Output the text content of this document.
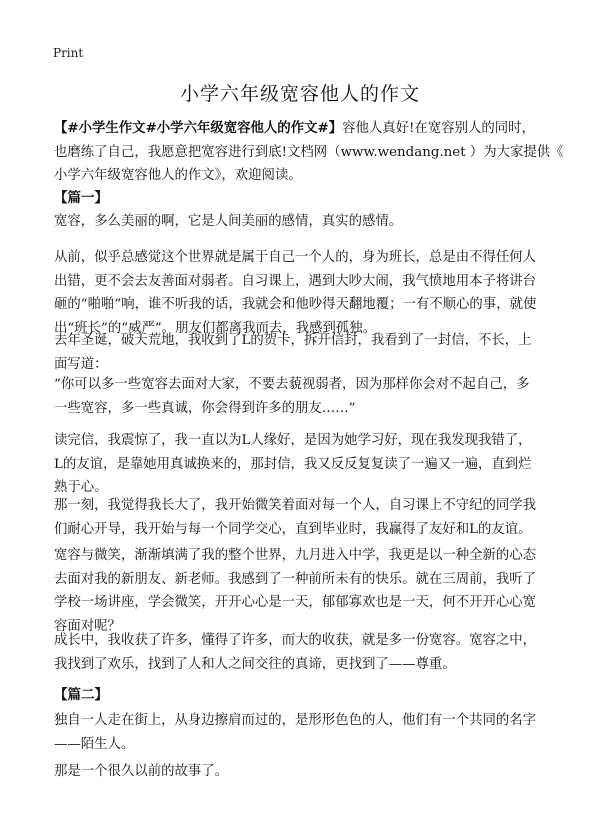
Print
小学六年级宽容他人的作文
【#小学生作文#小学六年级宽容他人的作文#】容他人真好!在宽容别人的同时，
也磨练了自己，我愿意把宽容进行到底!文档网（www.wendang.net ）为大家提供《
小学六年级宽容他人的作文》，欢迎阅读。
【篇一】
宽容，多么美丽的啊，它是人间美丽的感情，真实的感情。
从前，似乎总感觉这个世界就是属于自己一个人的，身为班长，总是由不得任何人
出错，更不会去友善面对弱者。自习课上，遇到大吵大闹，我气愤地用本子将讲台
砸的“啪啪”响，谁不听我的话，我就会和他吵得天翻地覆；一有不顺心的事，就使
出“班长”的“威严”。朋友们都离我而去，我感到孤独。
去年圣诞，破天荒地，我收到了L的贺卡，拆开信封，我看到了一封信，不长，上
面写道：
“你可以多一些宽容去面对大家，不要去藐视弱者，因为那样你会对不起自己，多
一些宽容，多一些真诚，你会得到许多的朋友……”
读完信，我震惊了，我一直以为L人缘好，是因为她学习好，现在我发现我错了，
L的友谊，是靠她用真诚换来的，那封信，我又反反复复读了一遍又一遍，直到烂
熟于心。
那一刻，我觉得我长大了，我开始微笑着面对每一个人，自习课上不守纪的同学我
们耐心开导，我开始与每一个同学交心，直到毕业时，我赢得了友好和L的友谊。
宽容与微笑，渐渐填满了我的整个世界，九月进入中学，我更是以一种全新的心态
去面对我的新朋友、新老师。我感到了一种前所未有的快乐。就在三周前，我听了
学校一场讲座，学会微笑，开开心心是一天，郁郁寡欢也是一天，何不开开心心宽
容面对呢？
成长中，我收获了许多，懂得了许多，而大的收获，就是多一份宽容。宽容之中，
我找到了欢乐，找到了人和人之间交往的真谛，更找到了——尊重。
【篇二】
独自一人走在街上，从身边擦肩而过的，是形形色色的人，他们有一个共同的名字
——陌生人。
那是一个很久以前的故事了。
